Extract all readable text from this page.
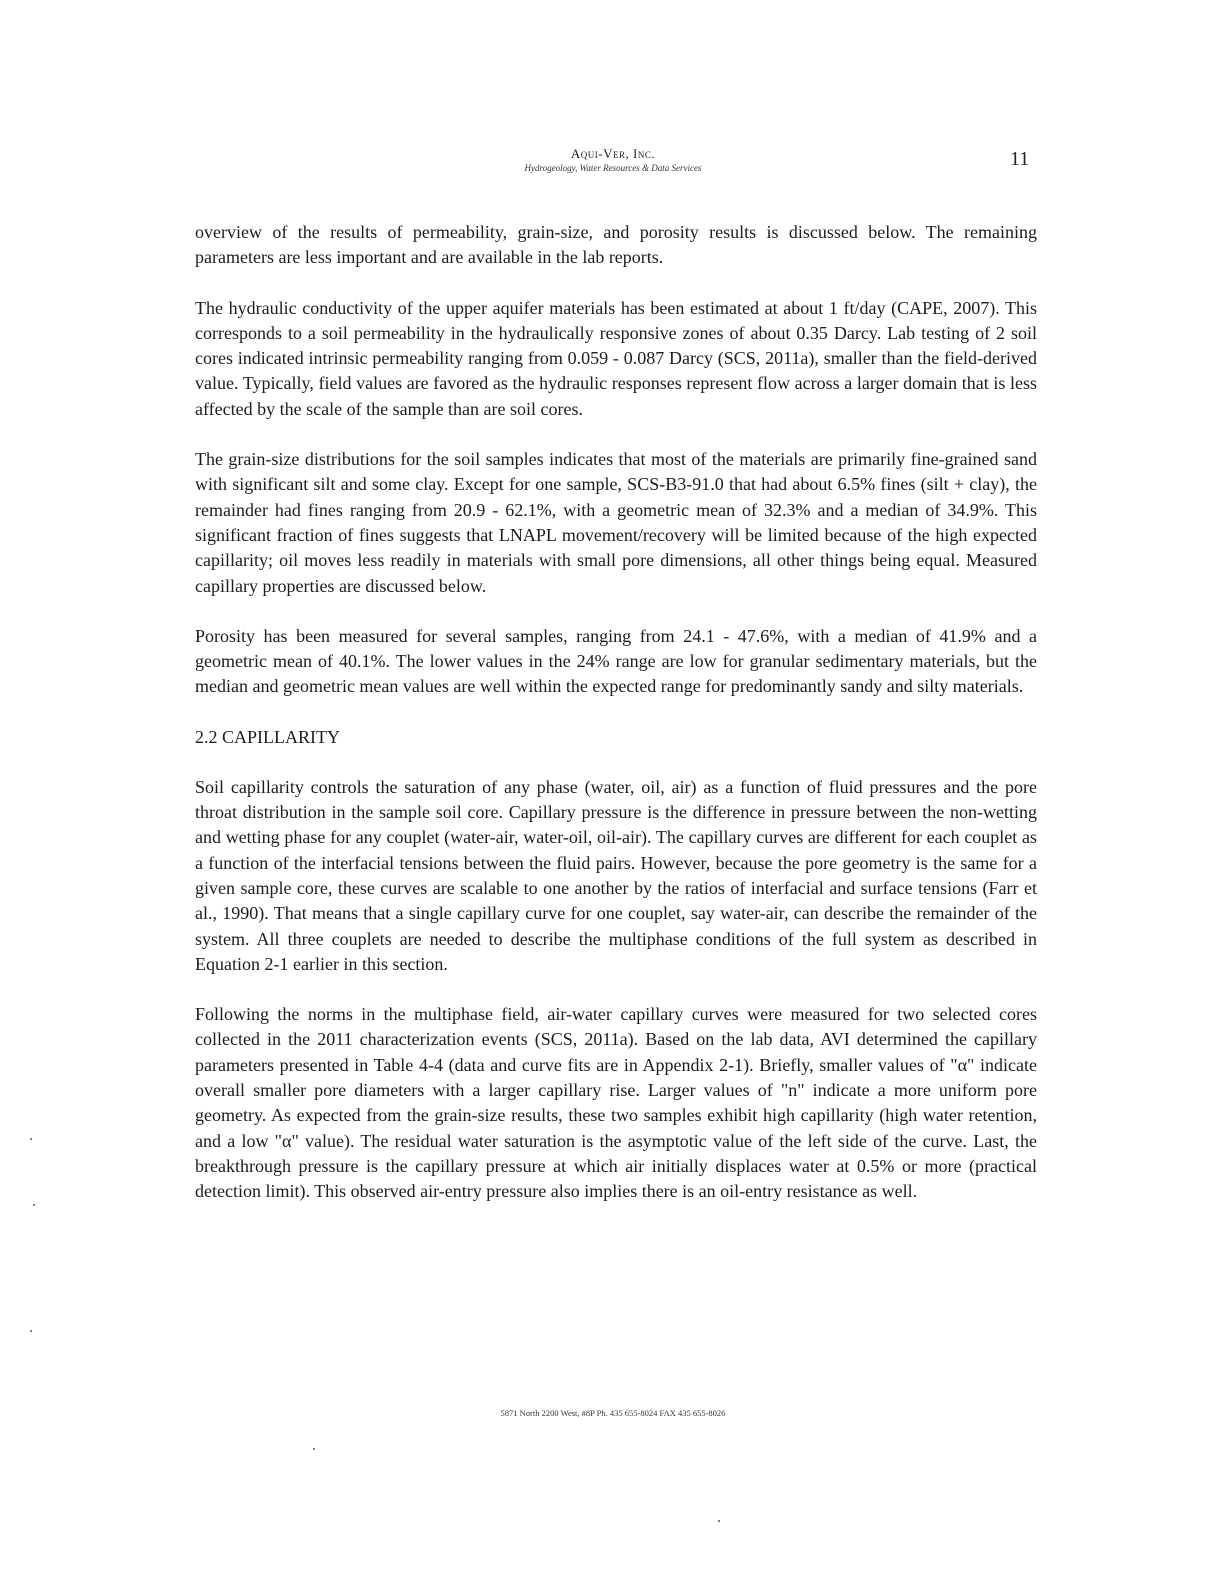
Aqui-Ver, Inc.
Hydrogeology, Water Resources & Data Services	11

overview of the results of permeability, grain-size, and porosity results is discussed below. The remaining parameters are less important and are available in the lab reports.

The hydraulic conductivity of the upper aquifer materials has been estimated at about 1 ft/day (CAPE, 2007). This corresponds to a soil permeability in the hydraulically responsive zones of about 0.35 Darcy. Lab testing of 2 soil cores indicated intrinsic permeability ranging from 0.059 - 0.087 Darcy (SCS, 2011a), smaller than the field-derived value. Typically, field values are favored as the hydraulic responses represent flow across a larger domain that is less affected by the scale of the sample than are soil cores.

The grain-size distributions for the soil samples indicates that most of the materials are primarily fine-grained sand with significant silt and some clay. Except for one sample, SCS-B3-91.0 that had about 6.5% fines (silt + clay), the remainder had fines ranging from 20.9 - 62.1%, with a geometric mean of 32.3% and a median of 34.9%. This significant fraction of fines suggests that LNAPL movement/recovery will be limited because of the high expected capillarity; oil moves less readily in materials with small pore dimensions, all other things being equal. Measured capillary properties are discussed below.

Porosity has been measured for several samples, ranging from 24.1 - 47.6%, with a median of 41.9% and a geometric mean of 40.1%. The lower values in the 24% range are low for granular sedimentary materials, but the median and geometric mean values are well within the expected range for predominantly sandy and silty materials.

2.2 CAPILLARITY

Soil capillarity controls the saturation of any phase (water, oil, air) as a function of fluid pressures and the pore throat distribution in the sample soil core. Capillary pressure is the difference in pressure between the non-wetting and wetting phase for any couplet (water-air, water-oil, oil-air). The capillary curves are different for each couplet as a function of the interfacial tensions between the fluid pairs. However, because the pore geometry is the same for a given sample core, these curves are scalable to one another by the ratios of interfacial and surface tensions (Farr et al., 1990). That means that a single capillary curve for one couplet, say water-air, can describe the remainder of the system. All three couplets are needed to describe the multiphase conditions of the full system as described in Equation 2-1 earlier in this section.

Following the norms in the multiphase field, air-water capillary curves were measured for two selected cores collected in the 2011 characterization events (SCS, 2011a). Based on the lab data, AVI determined the capillary parameters presented in Table 4-4 (data and curve fits are in Appendix 2-1). Briefly, smaller values of "α" indicate overall smaller pore diameters with a larger capillary rise. Larger values of "n" indicate a more uniform pore geometry. As expected from the grain-size results, these two samples exhibit high capillarity (high water retention, and a low "α" value). The residual water saturation is the asymptotic value of the left side of the curve. Last, the breakthrough pressure is the capillary pressure at which air initially displaces water at 0.5% or more (practical detection limit). This observed air-entry pressure also implies there is an oil-entry resistance as well.

5871 North 2200 West, #8P Ph. 435 655-8024 FAX 435 655-8026
